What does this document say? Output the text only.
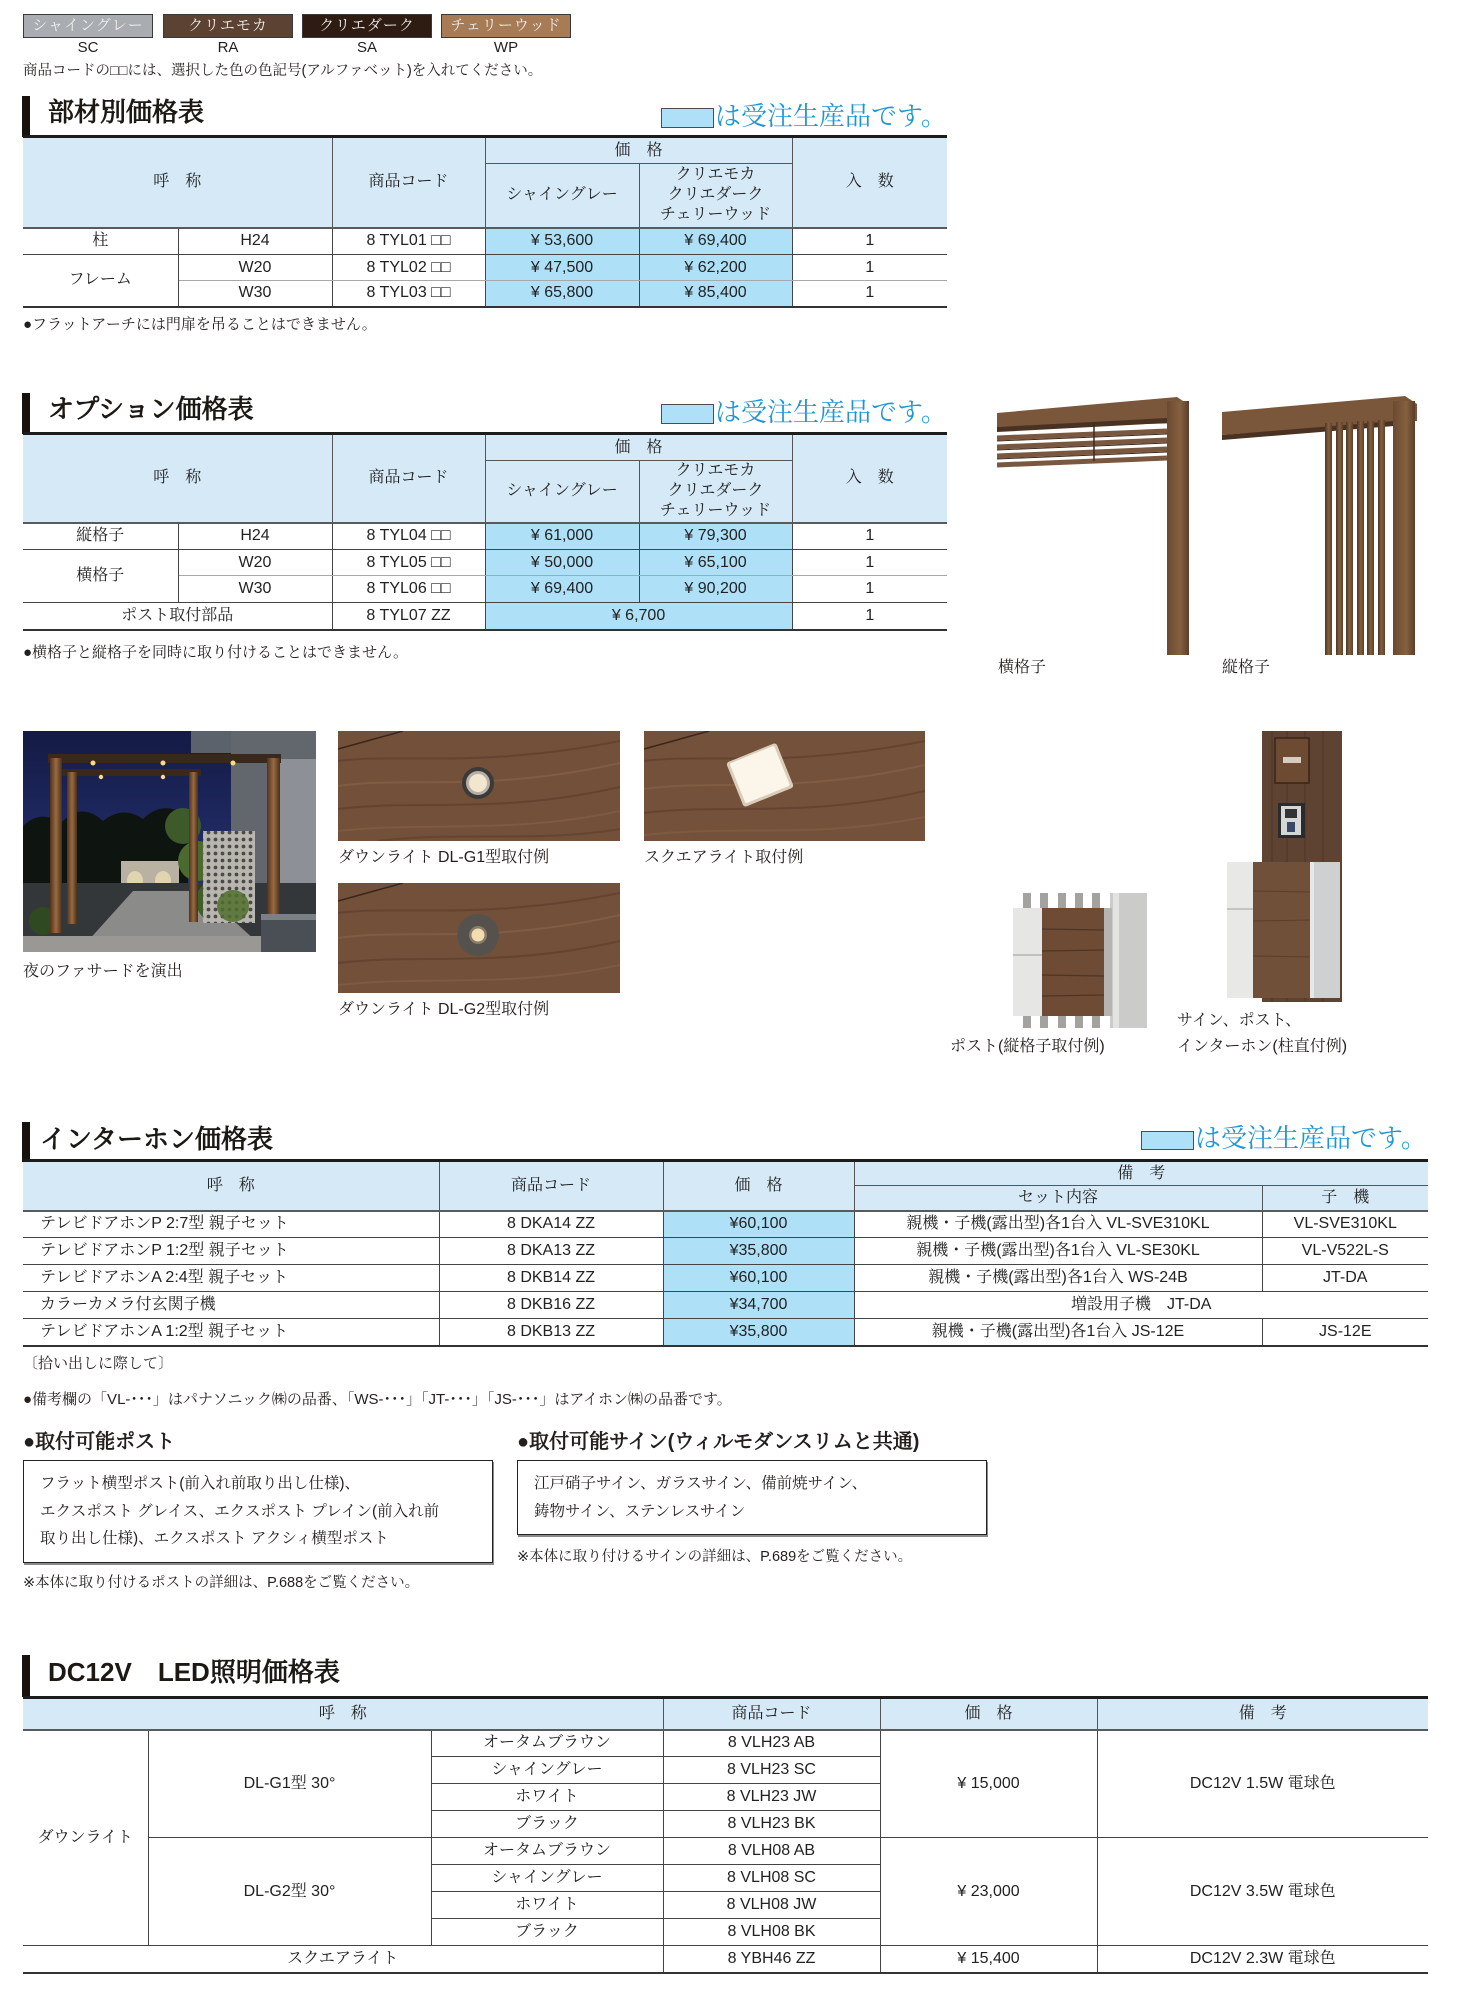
シャイングレー	クリエモカ	クリエダーク	チェリーウッド
SC	RA	SA	WP
商品コードの□□には、選択した色の色記号(アルファベット)を入れてください。
部材別価格表	は受注生産品です。
呼　称		商品コード	価　格		入　数
			シャイングレー	クリエモカ
クリエダーク
チェリーウッド	

柱	H24	8 TYL01 □□	¥ 53,600	¥ 69,400	1
フレーム	W20	8 TYL02 □□	¥ 47,500	¥ 62,200	1
	W30	8 TYL03 □□	¥ 65,800	¥ 85,400	1
●フラットアーチには門扉を吊ることはできません。
オプション価格表	は受注生産品です。
呼　称		商品コード	価　格		入　数
			シャイングレー	クリエモカ
クリエダーク
チェリーウッド	

縦格子	H24	8 TYL04 □□	¥ 61,000	¥ 79,300	1
横格子	W20	8 TYL05 □□	¥ 50,000	¥ 65,100	1
	W30	8 TYL06 □□	¥ 69,400	¥ 90,200	1
ポスト取付部品		8 TYL07 ZZ	¥ 6,700		1
●横格子と縦格子を同時に取り付けることはできません。
横格子	縦格子
夜のファサードを演出
ダウンライト DL-G1型取付例	スクエアライト取付例
ダウンライト DL-G2型取付例
ポスト(縦格子取付例)
サイン、ポスト、
インターホン(柱直付例)
インターホン価格表	は受注生産品です。
呼　称	商品コード	価　格	備　考	
			セット内容	子　機
テレビドアホンP 2:7型 親子セット	8 DKA14 ZZ	¥60,100	親機・子機(露出型)各1台入 VL-SVE310KL	VL-SVE310KL
テレビドアホンP 1:2型 親子セット	8 DKA13 ZZ	¥35,800	親機・子機(露出型)各1台入 VL-SE30KL	VL-V522L-S
テレビドアホンA 2:4型 親子セット	8 DKB14 ZZ	¥60,100	親機・子機(露出型)各1台入 WS-24B	JT-DA
カラーカメラ付玄関子機	8 DKB16 ZZ	¥34,700	増設用子機　JT-DA	
テレビドアホンA 1:2型 親子セット	8 DKB13 ZZ	¥35,800	親機・子機(露出型)各1台入 JS-12E	JS-12E
〔拾い出しに際して〕
●備考欄の「VL-･･･」はパナソニック㈱の品番、「WS-･･･」「JT-･･･」「JS-･･･」はアイホン㈱の品番です。
●取付可能ポスト
フラット横型ポスト(前入れ前取り出し仕様)、
エクスポスト グレイス、エクスポスト プレイン(前入れ前
取り出し仕様)、エクスポスト アクシィ横型ポスト
※本体に取り付けるポストの詳細は、P.688をご覧ください。
●取付可能サイン(ウィルモダンスリムと共通)
江戸硝子サイン、ガラスサイン、備前焼サイン、
鋳物サイン、ステンレスサイン
※本体に取り付けるサインの詳細は、P.689をご覧ください。
DC12V　LED照明価格表
呼　称			商品コード	価　格	備　考
ダウンライト	DL-G1型 30°	オータムブラウン	8 VLH23 AB	¥ 15,000	DC12V 1.5W 電球色
		シャイングレー	8 VLH23 SC		
		ホワイト	8 VLH23 JW		
		ブラック	8 VLH23 BK		
	DL-G2型 30°	オータムブラウン	8 VLH08 AB	¥ 23,000	DC12V 3.5W 電球色
		シャイングレー	8 VLH08 SC		
		ホワイト	8 VLH08 JW		
		ブラック	8 VLH08 BK		
スクエアライト			8 YBH46 ZZ	¥ 15,400	DC12V 2.3W 電球色
